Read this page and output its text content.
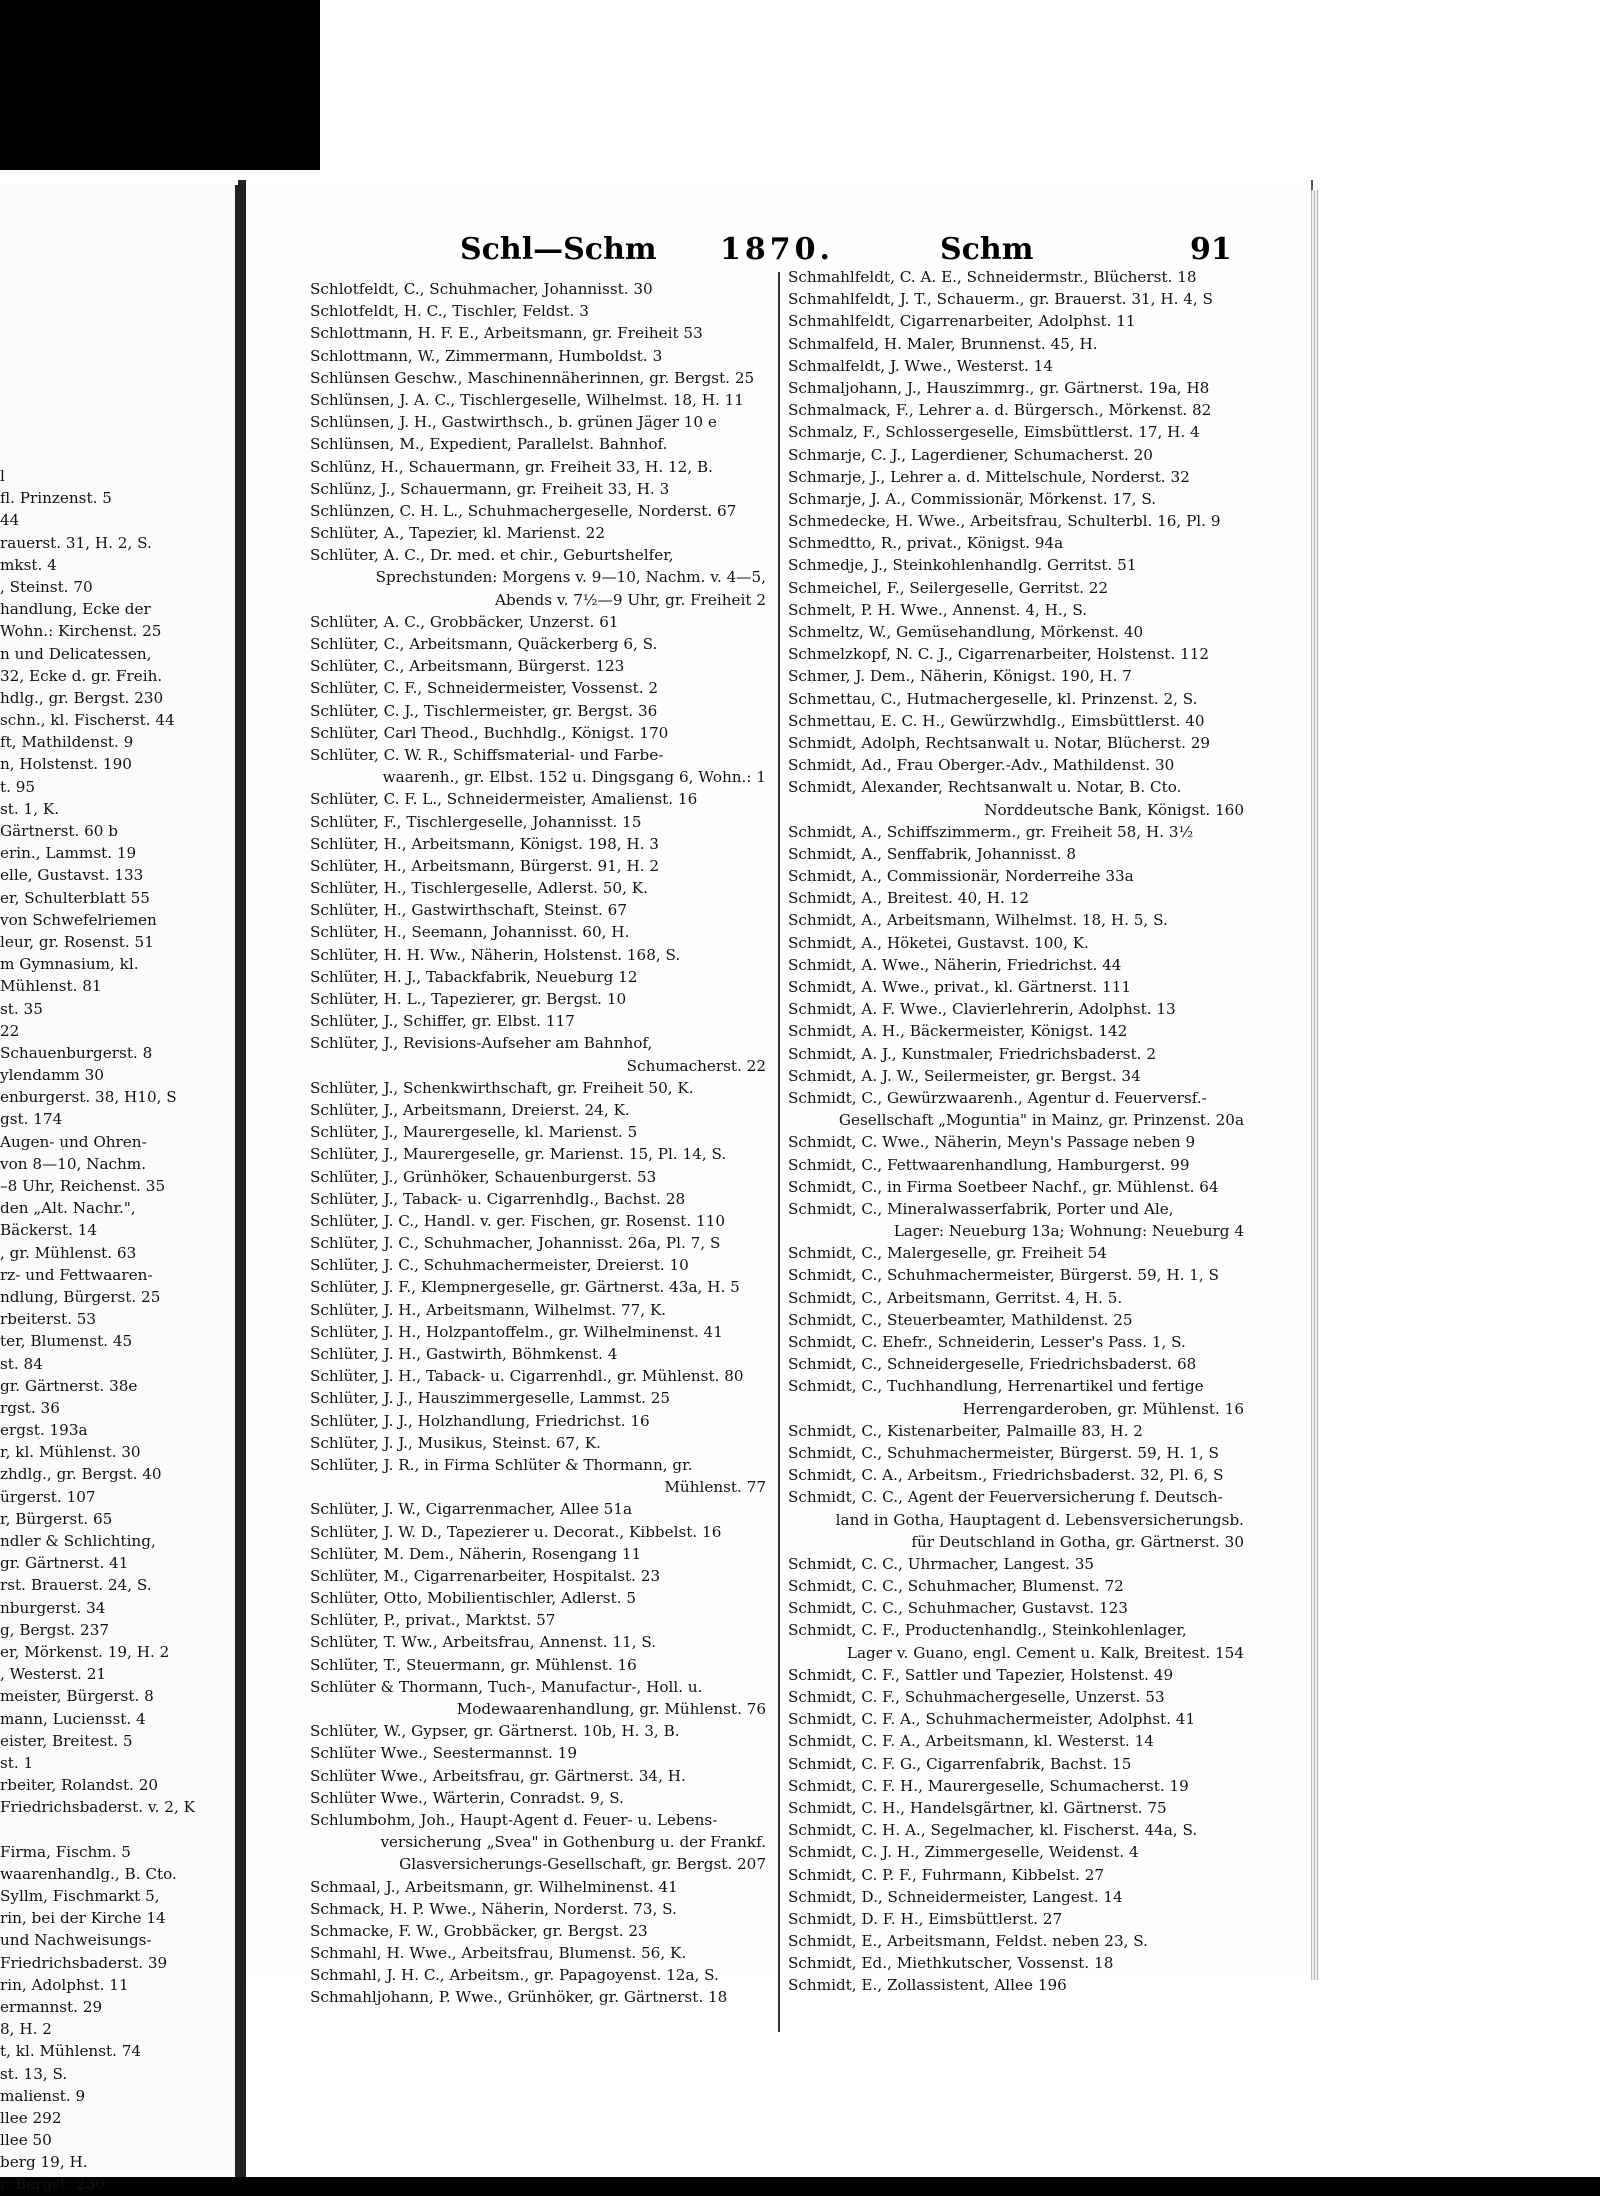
l
fl. Prinzenst. 5
44
rauerst. 31, H. 2, S.
mkst. 4
, Steinst. 70
handlung, Ecke der
Wohn.: Kirchenst. 25
n und Delicatessen,
32, Ecke d. gr. Freih.
hdlg., gr. Bergst. 230
schn., kl. Fischerst. 44
ft, Mathildenst. 9
n, Holstenst. 190
t. 95
st. 1, K.
Gärtnerst. 60 b
erin., Lammst. 19
elle, Gustavst. 133
er, Schulterblatt 55
von Schwefelriemen
leur, gr. Rosenst. 51
m Gymnasium, kl.
Mühlenst. 81
st. 35
22
Schauenburgerst. 8
ylendamm 30
enburgerst. 38, H10, S
gst. 174
Augen- und Ohren-
von 8—10, Nachm.
–8 Uhr, Reichenst. 35
den „Alt. Nachr.",
Bäckerst. 14
, gr. Mühlenst. 63
rz- und Fettwaaren-
ndlung, Bürgerst. 25
rbeiterst. 53
ter, Blumenst. 45
st. 84
gr. Gärtnerst. 38e
rgst. 36
ergst. 193a
r, kl. Mühlenst. 30
zhdlg., gr. Bergst. 40
ürgerst. 107
r, Bürgerst. 65
ndler & Schlichting,
gr. Gärtnerst. 41
rst. Brauerst. 24, S.
nburgerst. 34
g, Bergst. 237
er, Mörkenst. 19, H. 2
, Westerst. 21
meister, Bürgerst. 8
mann, Luciensst. 4
eister, Breitest. 5
st. 1
rbeiter, Rolandst. 20
Friedrichsbaderst. v. 2, K
Firma, Fischm. 5
waarenhandlg., B. Cto.
Syllm, Fischmarkt 5,
rin, bei der Kirche 14
und Nachweisungs-
Friedrichsbaderst. 39
rin, Adolphst. 11
ermannst. 29
8, H. 2
t, kl. Mühlenst. 74
st. 13, S.
malienst. 9
llee 292
llee 50
berg 19, H.
r. Bergst. 230
Schl—Schm 1870.	Schm	91
Schlotfeldt, C., Schuhmacher, Johannisst. 30
Schlotfeldt, H. C., Tischler, Feldst. 3
Schlottmann, H. F. E., Arbeitsmann, gr. Freiheit 53
Schlottmann, W., Zimmermann, Humboldst. 3
Schlünsen Geschw., Maschinennäherinnen, gr. Bergst. 25
Schlünsen, J. A. C., Tischlergeselle, Wilhelmst. 18, H. 11
Schlünsen, J. H., Gastwirthsch., b. grünen Jäger 10 e
Schlünsen, M., Expedient, Parallelst. Bahnhof.
Schlünz, H., Schauermann, gr. Freiheit 33, H. 12, B.
Schlünz, J., Schauermann, gr. Freiheit 33, H. 3
Schlünzen, C. H. L., Schuhmachergeselle, Norderst. 67
Schlüter, A., Tapezier, kl. Marienst. 22
Schlüter, A. C., Dr. med. et chir., Geburtshelfer,
Sprechstunden: Morgens v. 9—10, Nachm. v. 4—5,
Abends v. 7½—9 Uhr, gr. Freiheit 2
Schlüter, A. C., Grobbäcker, Unzerst. 61
Schlüter, C., Arbeitsmann, Quäckerberg 6, S.
Schlüter, C., Arbeitsmann, Bürgerst. 123
Schlüter, C. F., Schneidermeister, Vossenst. 2
Schlüter, C. J., Tischlermeister, gr. Bergst. 36
Schlüter, Carl Theod., Buchhdlg., Königst. 170
Schlüter, C. W. R., Schiffsmaterial- und Farbe-
waarenh., gr. Elbst. 152 u. Dingsgang 6, Wohn.: 1
Schlüter, C. F. L., Schneidermeister, Amalienst. 16
Schlüter, F., Tischlergeselle, Johannisst. 15
Schlüter, H., Arbeitsmann, Königst. 198, H. 3
Schlüter, H., Arbeitsmann, Bürgerst. 91, H. 2
Schlüter, H., Tischlergeselle, Adlerst. 50, K.
Schlüter, H., Gastwirthschaft, Steinst. 67
Schlüter, H., Seemann, Johannisst. 60, H.
Schlüter, H. H. Ww., Näherin, Holstenst. 168, S.
Schlüter, H. J., Tabackfabrik, Neueburg 12
Schlüter, H. L., Tapezierer, gr. Bergst. 10
Schlüter, J., Schiffer, gr. Elbst. 117
Schlüter, J., Revisions-Aufseher am Bahnhof,
Schumacherst. 22
Schlüter, J., Schenkwirthschaft, gr. Freiheit 50, K.
Schlüter, J., Arbeitsmann, Dreierst. 24, K.
Schlüter, J., Maurergeselle, kl. Marienst. 5
Schlüter, J., Maurergeselle, gr. Marienst. 15, Pl. 14, S.
Schlüter, J., Grünhöker, Schauenburgerst. 53
Schlüter, J., Taback- u. Cigarrenhdlg., Bachst. 28
Schlüter, J. C., Handl. v. ger. Fischen, gr. Rosenst. 110
Schlüter, J. C., Schuhmacher, Johannisst. 26a, Pl. 7, S
Schlüter, J. C., Schuhmachermeister, Dreierst. 10
Schlüter, J. F., Klempnergeselle, gr. Gärtnerst. 43a, H. 5
Schlüter, J. H., Arbeitsmann, Wilhelmst. 77, K.
Schlüter, J. H., Holzpantoffelm., gr. Wilhelminenst. 41
Schlüter, J. H., Gastwirth, Böhmkenst. 4
Schlüter, J. H., Taback- u. Cigarrenhdl., gr. Mühlenst. 80
Schlüter, J. J., Hauszimmergeselle, Lammst. 25
Schlüter, J. J., Holzhandlung, Friedrichst. 16
Schlüter, J. J., Musikus, Steinst. 67, K.
Schlüter, J. R., in Firma Schlüter & Thormann, gr.
Mühlenst. 77
Schlüter, J. W., Cigarrenmacher, Allee 51a
Schlüter, J. W. D., Tapezierer u. Decorat., Kibbelst. 16
Schlüter, M. Dem., Näherin, Rosengang 11
Schlüter, M., Cigarrenarbeiter, Hospitalst. 23
Schlüter, Otto, Mobilientischler, Adlerst. 5
Schlüter, P., privat., Marktst. 57
Schlüter, T. Ww., Arbeitsfrau, Annenst. 11, S.
Schlüter, T., Steuermann, gr. Mühlenst. 16
Schlüter & Thormann, Tuch-, Manufactur-, Holl. u.
Modewaarenhandlung, gr. Mühlenst. 76
Schlüter, W., Gypser, gr. Gärtnerst. 10b, H. 3, B.
Schlüter Wwe., Seestermannst. 19
Schlüter Wwe., Arbeitsfrau, gr. Gärtnerst. 34, H.
Schlüter Wwe., Wärterin, Conradst. 9, S.
Schlumbohm, Joh., Haupt-Agent d. Feuer- u. Lebens-
versicherung „Svea" in Gothenburg u. der Frankf.
Glasversicherungs-Gesellschaft, gr. Bergst. 207
Schmaal, J., Arbeitsmann, gr. Wilhelminenst. 41
Schmack, H. P. Wwe., Näherin, Norderst. 73, S.
Schmacke, F. W., Grobbäcker, gr. Bergst. 23
Schmahl, H. Wwe., Arbeitsfrau, Blumenst. 56, K.
Schmahl, J. H. C., Arbeitsm., gr. Papagoyenst. 12a, S.
Schmahljohann, P. Wwe., Grünhöker, gr. Gärtnerst. 18
Schmahlfeldt, C. A. E., Schneidermstr., Blücherst. 18
Schmahlfeldt, J. T., Schauerm., gr. Brauerst. 31, H. 4, S
Schmahlfeldt, Cigarrenarbeiter, Adolphst. 11
Schmalfeld, H. Maler, Brunnenst. 45, H.
Schmalfeldt, J. Wwe., Westerst. 14
Schmaljohann, J., Hauszimmrg., gr. Gärtnerst. 19a, H8
Schmalmack, F., Lehrer a. d. Bürgersch., Mörkenst. 82
Schmalz, F., Schlossergeselle, Eimsbüttlerst. 17, H. 4
Schmarje, C. J., Lagerdiener, Schumacherst. 20
Schmarje, J., Lehrer a. d. Mittelschule, Norderst. 32
Schmarje, J. A., Commissionär, Mörkenst. 17, S.
Schmedecke, H. Wwe., Arbeitsfrau, Schulterbl. 16, Pl. 9
Schmedtto, R., privat., Königst. 94a
Schmedje, J., Steinkohlenhandlg. Gerritst. 51
Schmeichel, F., Seilergeselle, Gerritst. 22
Schmelt, P. H. Wwe., Annenst. 4, H., S.
Schmeltz, W., Gemüsehandlung, Mörkenst. 40
Schmelzkopf, N. C. J., Cigarrenarbeiter, Holstenst. 112
Schmer, J. Dem., Näherin, Königst. 190, H. 7
Schmettau, C., Hutmachergeselle, kl. Prinzenst. 2, S.
Schmettau, E. C. H., Gewürzwhdlg., Eimsbüttlerst. 40
Schmidt, Adolph, Rechtsanwalt u. Notar, Blücherst. 29
Schmidt, Ad., Frau Oberger.-Adv., Mathildenst. 30
Schmidt, Alexander, Rechtsanwalt u. Notar, B. Cto.
Norddeutsche Bank, Königst. 160
Schmidt, A., Schiffszimmerm., gr. Freiheit 58, H. 3½
Schmidt, A., Senffabrik, Johannisst. 8
Schmidt, A., Commissionär, Norderreihe 33a
Schmidt, A., Breitest. 40, H. 12
Schmidt, A., Arbeitsmann, Wilhelmst. 18, H. 5, S.
Schmidt, A., Höketei, Gustavst. 100, K.
Schmidt, A. Wwe., Näherin, Friedrichst. 44
Schmidt, A. Wwe., privat., kl. Gärtnerst. 111
Schmidt, A. F. Wwe., Clavierlehrerin, Adolphst. 13
Schmidt, A. H., Bäckermeister, Königst. 142
Schmidt, A. J., Kunstmaler, Friedrichsbaderst. 2
Schmidt, A. J. W., Seilermeister, gr. Bergst. 34
Schmidt, C., Gewürzwaarenh., Agentur d. Feuerversf.-
Gesellschaft „Moguntia" in Mainz, gr. Prinzenst. 20a
Schmidt, C. Wwe., Näherin, Meyn's Passage neben 9
Schmidt, C., Fettwaarenhandlung, Hamburgerst. 99
Schmidt, C., in Firma Soetbeer Nachf., gr. Mühlenst. 64
Schmidt, C., Mineralwasserfabrik, Porter und Ale,
Lager: Neueburg 13a; Wohnung: Neueburg 4
Schmidt, C., Malergeselle, gr. Freiheit 54
Schmidt, C., Schuhmachermeister, Bürgerst. 59, H. 1, S
Schmidt, C., Arbeitsmann, Gerritst. 4, H. 5.
Schmidt, C., Steuerbeamter, Mathildenst. 25
Schmidt, C. Ehefr., Schneiderin, Lesser's Pass. 1, S.
Schmidt, C., Schneidergeselle, Friedrichsbaderst. 68
Schmidt, C., Tuchhandlung, Herrenartikel und fertige
Herrengarderoben, gr. Mühlenst. 16
Schmidt, C., Kistenarbeiter, Palmaille 83, H. 2
Schmidt, C., Schuhmachermeister, Bürgerst. 59, H. 1, S
Schmidt, C. A., Arbeitsm., Friedrichsbaderst. 32, Pl. 6, S
Schmidt, C. C., Agent der Feuerversicherung f. Deutsch-
land in Gotha, Hauptagent d. Lebensversicherungsb.
für Deutschland in Gotha, gr. Gärtnerst. 30
Schmidt, C. C., Uhrmacher, Langest. 35
Schmidt, C. C., Schuhmacher, Blumenst. 72
Schmidt, C. C., Schuhmacher, Gustavst. 123
Schmidt, C. F., Productenhandlg., Steinkohlenlager,
Lager v. Guano, engl. Cement u. Kalk, Breitest. 154
Schmidt, C. F., Sattler und Tapezier, Holstenst. 49
Schmidt, C. F., Schuhmachergeselle, Unzerst. 53
Schmidt, C. F. A., Schuhmachermeister, Adolphst. 41
Schmidt, C. F. A., Arbeitsmann, kl. Westerst. 14
Schmidt, C. F. G., Cigarrenfabrik, Bachst. 15
Schmidt, C. F. H., Maurergeselle, Schumacherst. 19
Schmidt, C. H., Handelsgärtner, kl. Gärtnerst. 75
Schmidt, C. H. A., Segelmacher, kl. Fischerst. 44a, S.
Schmidt, C. J. H., Zimmergeselle, Weidenst. 4
Schmidt, C. P. F., Fuhrmann, Kibbelst. 27
Schmidt, D., Schneidermeister, Langest. 14
Schmidt, D. F. H., Eimsbüttlerst. 27
Schmidt, E., Arbeitsmann, Feldst. neben 23, S.
Schmidt, Ed., Miethkutscher, Vossenst. 18
Schmidt, E., Zollassistent, Allee 196
